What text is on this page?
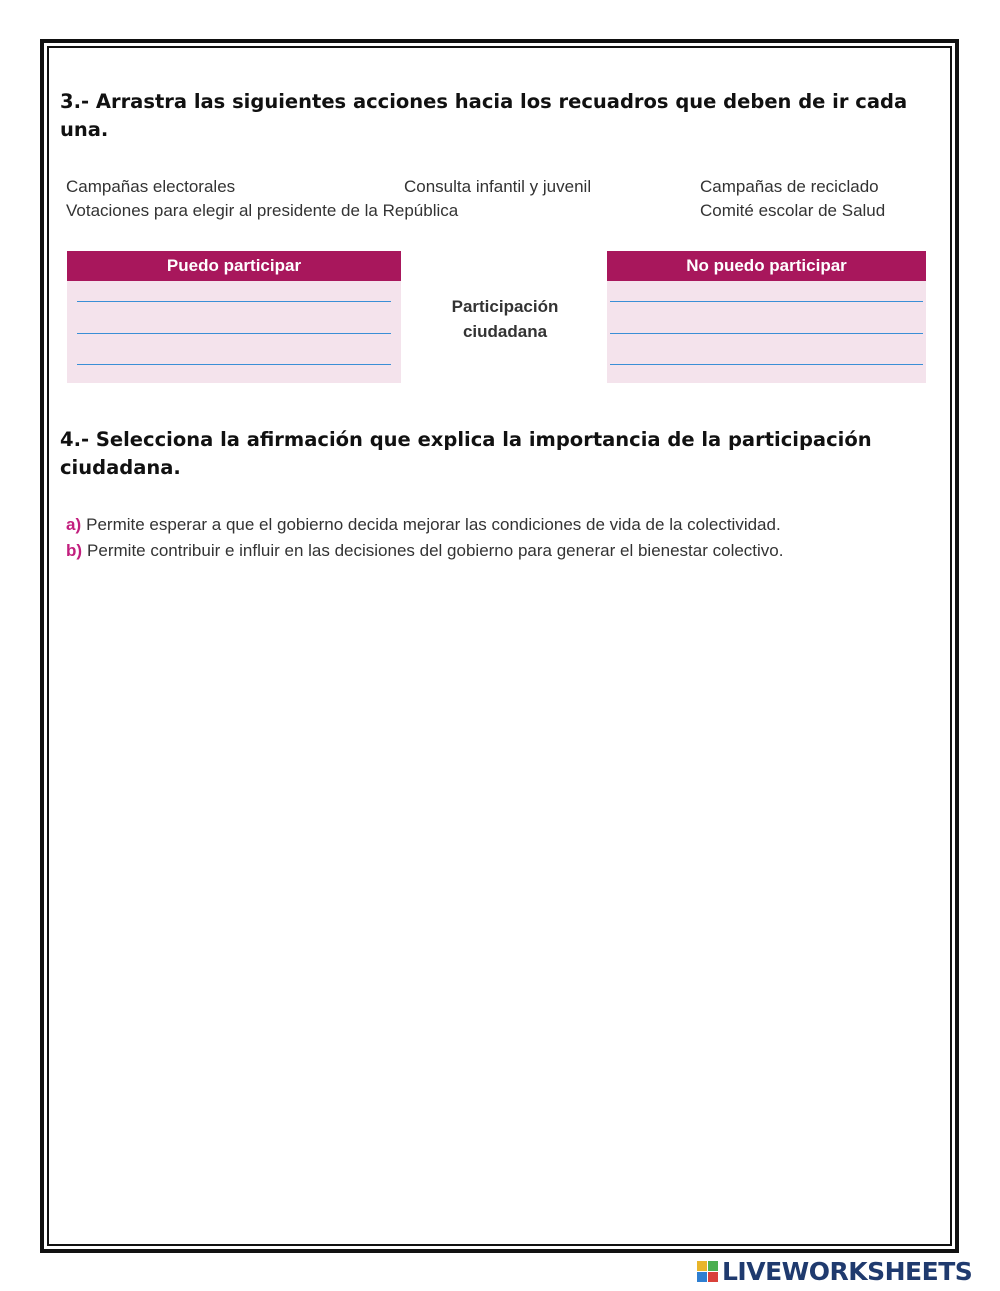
3.- Arrastra las siguientes acciones hacia los recuadros que deben de ir cada una.
Campañas electorales	Consulta infantil y juvenil	Campañas de reciclado
Votaciones para elegir al presidente de la República	Comité escolar de Salud
Puedo participar
Participación
ciudadana
No puedo participar
4.- Selecciona la afirmación que explica la importancia de la participación ciudadana.
a) Permite esperar a que el gobierno decida mejorar las condiciones de vida de la colectividad.
b) Permite contribuir e influir en las decisiones del gobierno para generar el bienestar colectivo.
LIVEWORKSHEETS
